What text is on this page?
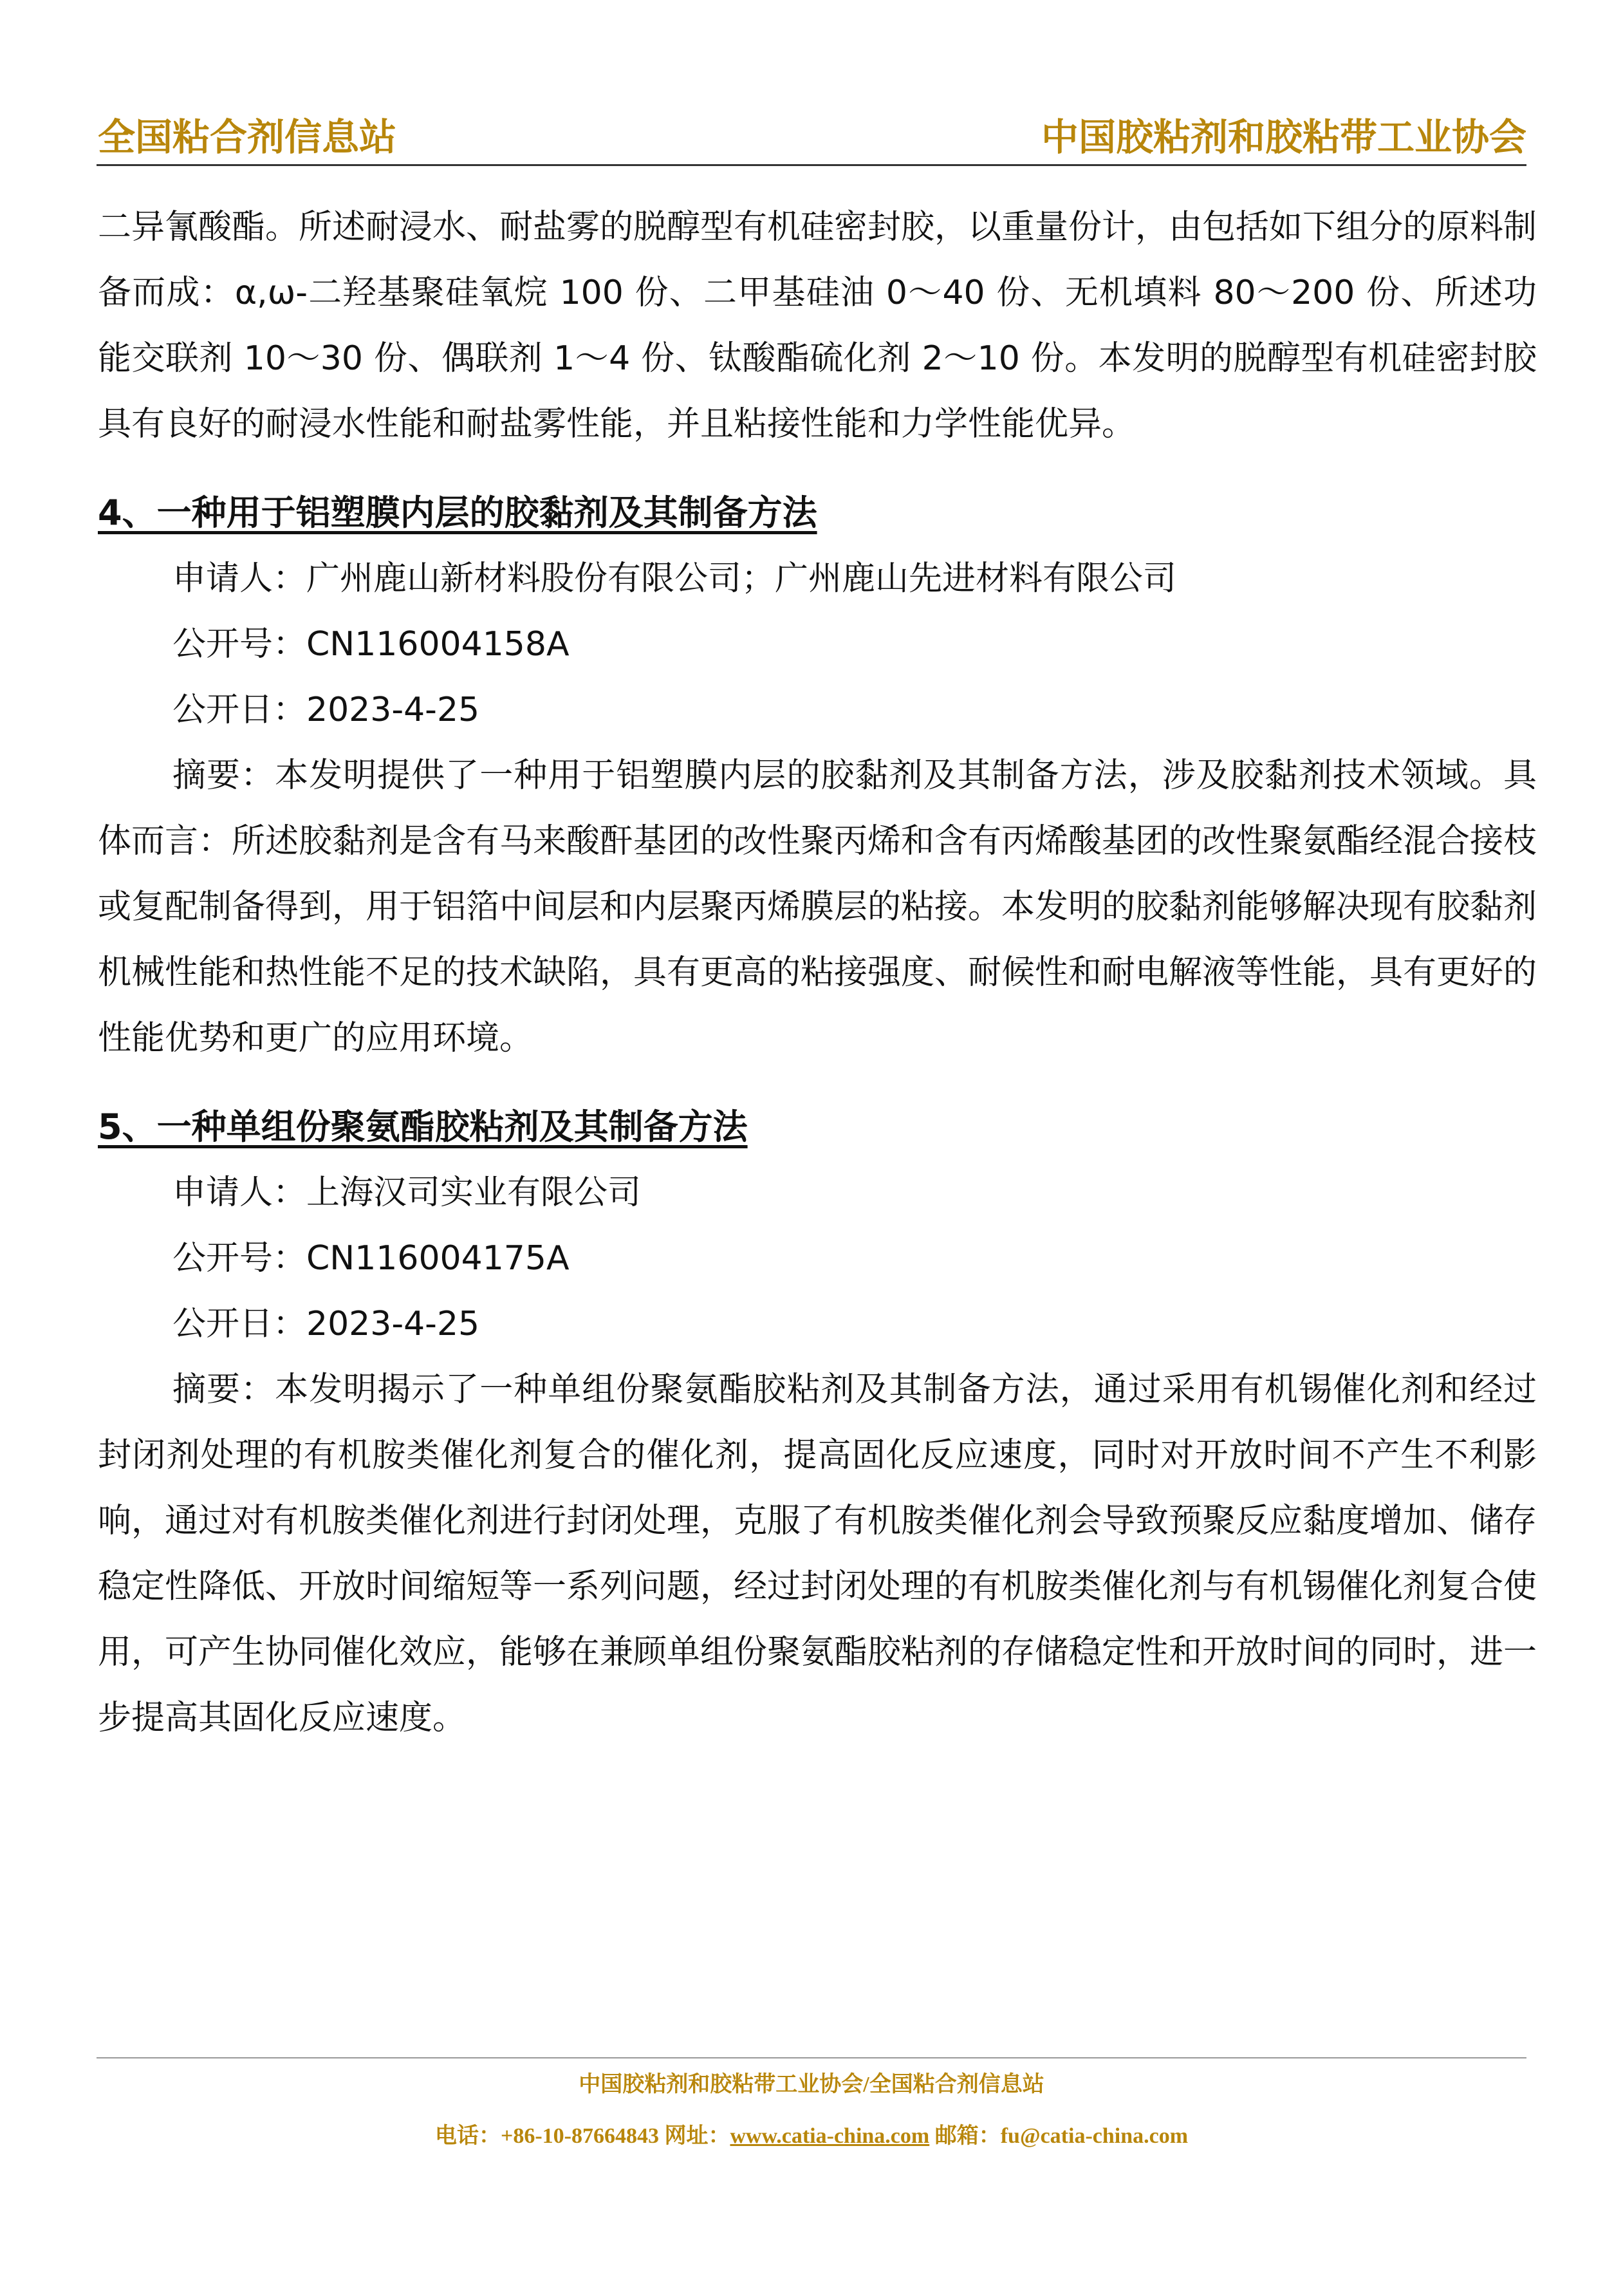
全国粘合剂信息站	中国胶粘剂和胶粘带工业协会

二异氰酸酯。所述耐浸水、耐盐雾的脱醇型有机硅密封胶，以重量份计，由包括如下组分的原料制备而成：α,ω-二羟基聚硅氧烷 100 份、二甲基硅油 0～40 份、无机填料 80～200 份、所述功能交联剂 10～30 份、偶联剂 1～4 份、钛酸酯硫化剂 2～10 份。本发明的脱醇型有机硅密封胶具有良好的耐浸水性能和耐盐雾性能，并且粘接性能和力学性能优异。

4、一种用于铝塑膜内层的胶黏剂及其制备方法

申请人：广州鹿山新材料股份有限公司；广州鹿山先进材料有限公司

公开号：CN116004158A

公开日：2023-4-25

摘要：本发明提供了一种用于铝塑膜内层的胶黏剂及其制备方法，涉及胶黏剂技术领域。具体而言：所述胶黏剂是含有马来酸酐基团的改性聚丙烯和含有丙烯酸基团的改性聚氨酯经混合接枝或复配制备得到，用于铝箔中间层和内层聚丙烯膜层的粘接。本发明的胶黏剂能够解决现有胶黏剂机械性能和热性能不足的技术缺陷，具有更高的粘接强度、耐候性和耐电解液等性能，具有更好的性能优势和更广的应用环境。

5、一种单组份聚氨酯胶粘剂及其制备方法

申请人：上海汉司实业有限公司

公开号：CN116004175A

公开日：2023-4-25

摘要：本发明揭示了一种单组份聚氨酯胶粘剂及其制备方法，通过采用有机锡催化剂和经过封闭剂处理的有机胺类催化剂复合的催化剂，提高固化反应速度，同时对开放时间不产生不利影响，通过对有机胺类催化剂进行封闭处理，克服了有机胺类催化剂会导致预聚反应黏度增加、储存稳定性降低、开放时间缩短等一系列问题，经过封闭处理的有机胺类催化剂与有机锡催化剂复合使用，可产生协同催化效应，能够在兼顾单组份聚氨酯胶粘剂的存储稳定性和开放时间的同时，进一步提高其固化反应速度。

中国胶粘剂和胶粘带工业协会/全国粘合剂信息站
电话：+86-10-87664843 网址：www.catia-china.com 邮箱：fu@catia-china.com
